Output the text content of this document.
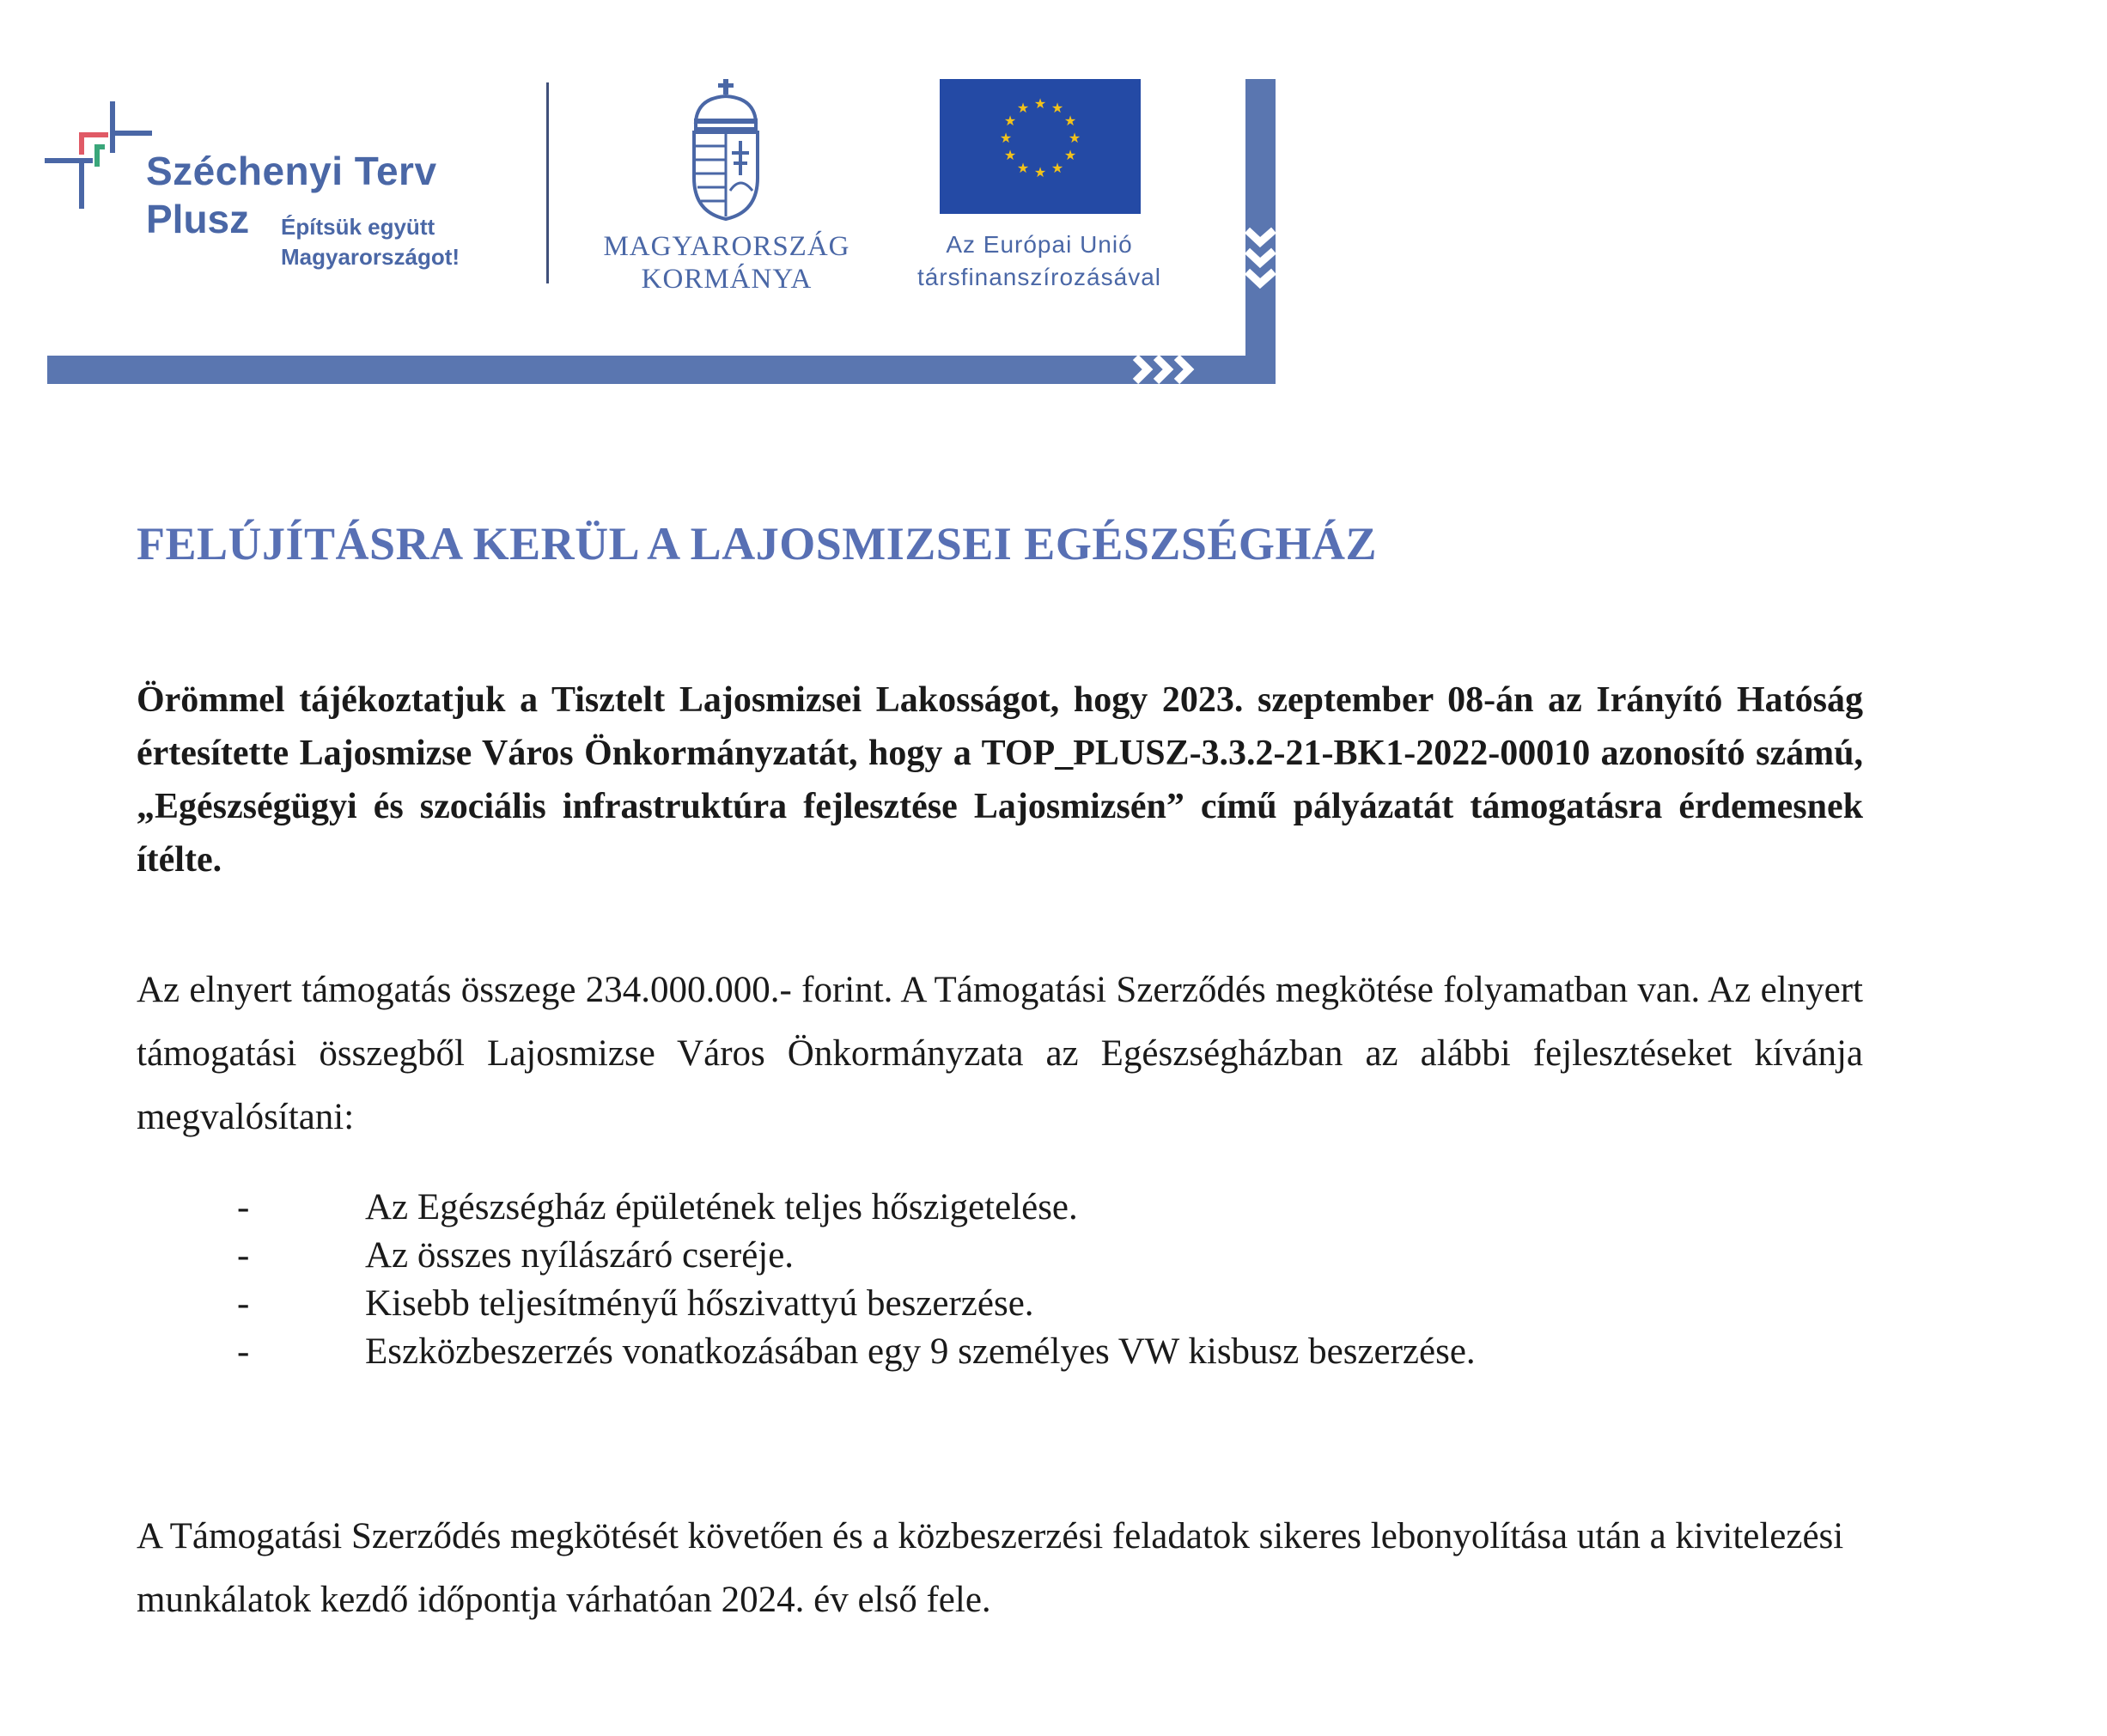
Széchenyi Terv
Plusz Építsük együtt
Magyarországot!	MAGYARORSZÁG
KORMÁNYA
★ ★
★
★
★
★
★
★
★
★
★
★
Az Európai Unió
társfinanszírozásával
FELÚJÍTÁSRA KERÜL A LAJOSMIZSEI EGÉSZSÉGHÁZ
Örömmel tájékoztatjuk a Tisztelt Lajosmizsei Lakosságot, hogy 2023. szeptember 08-án az Irányító Hatóság értesítette Lajosmizse Város Önkormányzatát, hogy a TOP_PLUSZ-3.3.2-21-BK1-2022-00010 azonosító számú, „Egészségügyi és szociális infrastruktúra fejlesztése Lajosmizsén” című pályázatát támogatásra érdemesnek ítélte.
Az elnyert támogatás összege 234.000.000.- forint. A Támogatási Szerződés megkötése folyamatban van. Az elnyert támogatási összegből Lajosmizse Város Önkormányzata az Egészségházban az alábbi fejlesztéseket kívánja megvalósítani:
-	Az Egészségház épületének teljes hőszigetelése.
-	Az összes nyílászáró cseréje.
-	Kisebb teljesítményű hőszivattyú beszerzése.
-	Eszközbeszerzés vonatkozásában egy 9 személyes VW kisbusz beszerzése.
A Támogatási Szerződés megkötését követően és a közbeszerzési feladatok sikeres lebonyolítása után a kivitelezési munkálatok kezdő időpontja várhatóan 2024. év első fele.
